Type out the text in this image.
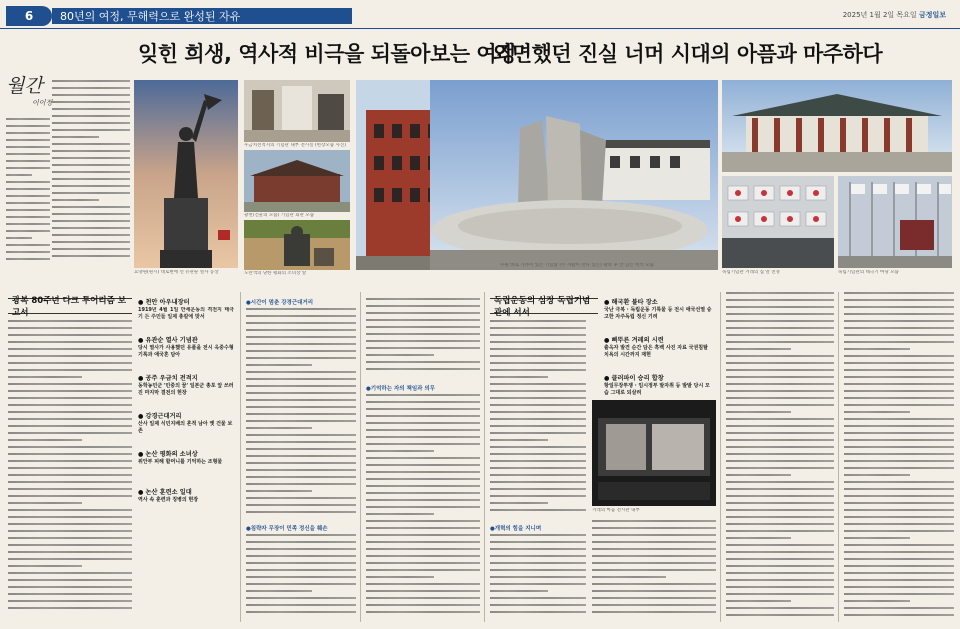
6	80년의 여정, 무해력으로 완성된 자유	2025년 1월 2일 목요일 금정일보
잊힌 희생, 역사적 비극을 되돌아보는 여정
외면했던 진실 너머 시대의 아픔과 마주하다
월간
이이정
요양원(원시) 대로변에 선 유관순 열사 동상
우금치전적지의 기념관 내부 전시실 (현장모습 사진)
광천(건물의 모습) 기념관 외관 모습
노란색의 당한 평화의 소녀상 앞
수원 바로 가까이 있는 기념탑 (두 사람이 만나 있는) 광복 후 안 남은 비석 모습
독립기념관 겨레의 집 앞 전경	독립기념관의 태극기 마당 모습
겨레의 마음 전시관 내부
광복 80주년 다크 투어리즘 보고서
독립운동의 심장 독립기념관에 서서
● 천안 아우내장터
1919년 4월 1일 만세운동의 격전지 태극기 든 주민들 일제 총칼에 맞서
● 유관순 열사 기념관
당시 열사가 사용했던 유품을 전시 옥중수형 기록과 애국혼 담아
● 공주 우금치 전적지
동학농민군 '민중의 꿈' 일본군 총포 앞 쓰러진 마지막 결전의 현장
● 강경근대거리
산사 일제 식민지배의 흔적 남아 옛 건물 보존
● 논산 평화의 소녀상
위안부 피해 할머니를 기억하는 조형물
● 논산 훈련소 일대
역사 속 훈련과 징병의 현장
● 해국환 불타 장소
국난 극복 · 독립운동 기록물 등 전시 애국선열 숭고한 자주독립 정신 기려
● 삐뚜른 겨레의 시련
출옥자 발견 순간 담은 흑백 사진 자료 국권침탈 치욕의 시간까지 재현
● 클러파이 승리 합창
항일무장투쟁 · 임시정부 발자취 등 발발 당시 모습 그대로 되살려
●시간이 멈춘 강경근대거리
●침략자 무장이 민족 정신을 훼손
●기억하는 자의 책임과 의무
●개혁의 힘을 지니며
